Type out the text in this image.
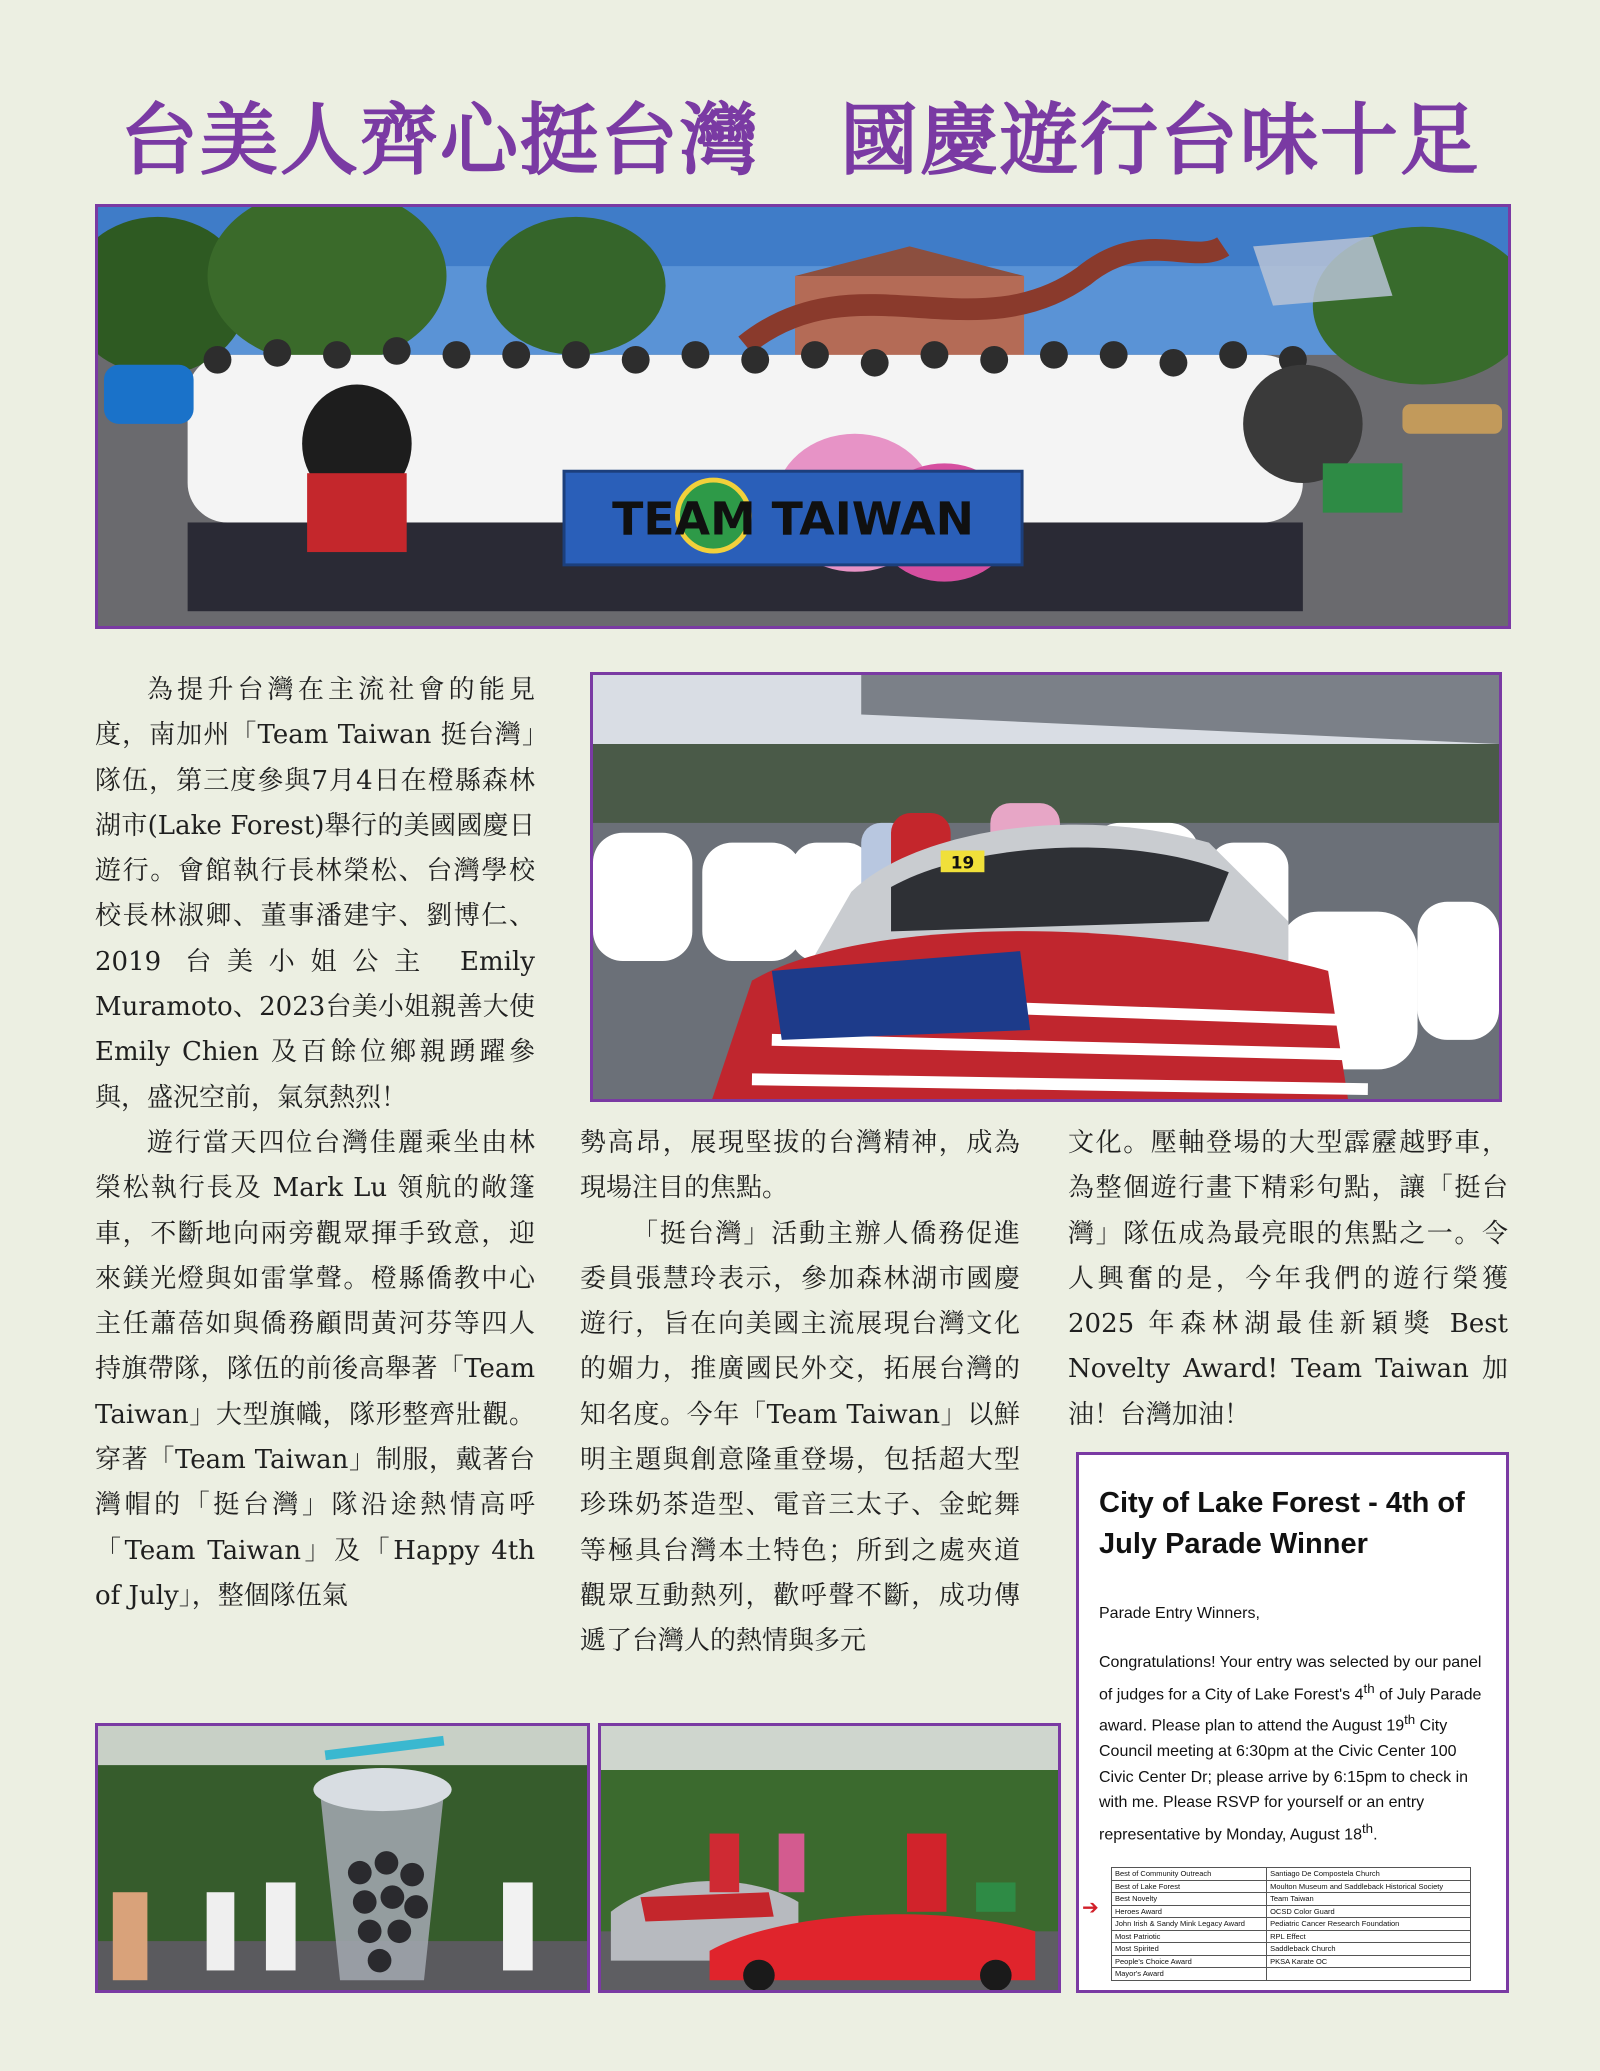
台美人齊心挺台灣　國慶遊行台味十足
TEAM TAIWAN
19

為提升台灣在主流社會的能見度，南加州「Team Taiwan 挺台灣」隊伍，第三度參與7月4日在橙縣森林湖市(Lake Forest)舉行的美國國慶日遊行。會館執行長林榮松、台灣學校校長林淑卿、董事潘建宇、劉博仁、2019 台美小姐公主 Emily Muramoto、2023台美小姐親善大使 Emily Chien 及百餘位鄉親踴躍參與，盛況空前，氣氛熱烈！

遊行當天四位台灣佳麗乘坐由林榮松執行長及 Mark Lu 領航的敞篷車，不斷地向兩旁觀眾揮手致意，迎來鎂光燈與如雷掌聲。橙縣僑教中心主任蕭蓓如與僑務顧問黃河芬等四人持旗帶隊，隊伍的前後高舉著「Team Taiwan」大型旗幟，隊形整齊壯觀。穿著「Team Taiwan」制服，戴著台灣帽的「挺台灣」隊沿途熱情高呼「Team Taiwan」及「Happy 4th of July」，整個隊伍氣

勢高昂，展現堅拔的台灣精神，成為現場注目的焦點。

「挺台灣」活動主辦人僑務促進委員張慧玲表示，參加森林湖市國慶遊行，旨在向美國主流展現台灣文化的媚力，推廣國民外交，拓展台灣的知名度。今年「Team Taiwan」以鮮明主題與創意隆重登場，包括超大型珍珠奶茶造型、電音三太子、金蛇舞等極具台灣本土特色；所到之處夾道觀眾互動熱列，歡呼聲不斷，成功傳遞了台灣人的熱情與多元

文化。壓軸登場的大型霹靂越野車，為整個遊行畫下精彩句點，讓「挺台灣」隊伍成為最亮眼的焦點之一。令人興奮的是，今年我們的遊行榮獲 2025 年森林湖最佳新穎獎 Best Novelty Award! Team Taiwan 加油！台灣加油！

City of Lake Forest - 4th of July Parade Winner
Parade Entry Winners,

Congratulations! Your entry was selected by our panel of judges for a City of Lake Forest's 4th of July Parade award. Please plan to attend the August 19th City Council meeting at 6:30pm at the Civic Center 100 Civic Center Dr; please arrive by 6:15pm to check in with me. Please RSVP for yourself or an entry representative by Monday, August 18th.

➔
Best of Community Outreach	Santiago De Compostela Church
Best of Lake Forest	Moulton Museum and Saddleback Historical Society
Best Novelty	Team Taiwan
Heroes Award	OCSD Color Guard
John Irish & Sandy Mink Legacy Award	Pediatric Cancer Research Foundation
Most Patriotic	RPL Effect
Most Spirited	Saddleback Church
People's Choice Award	PKSA Karate OC
Mayor's Award	
